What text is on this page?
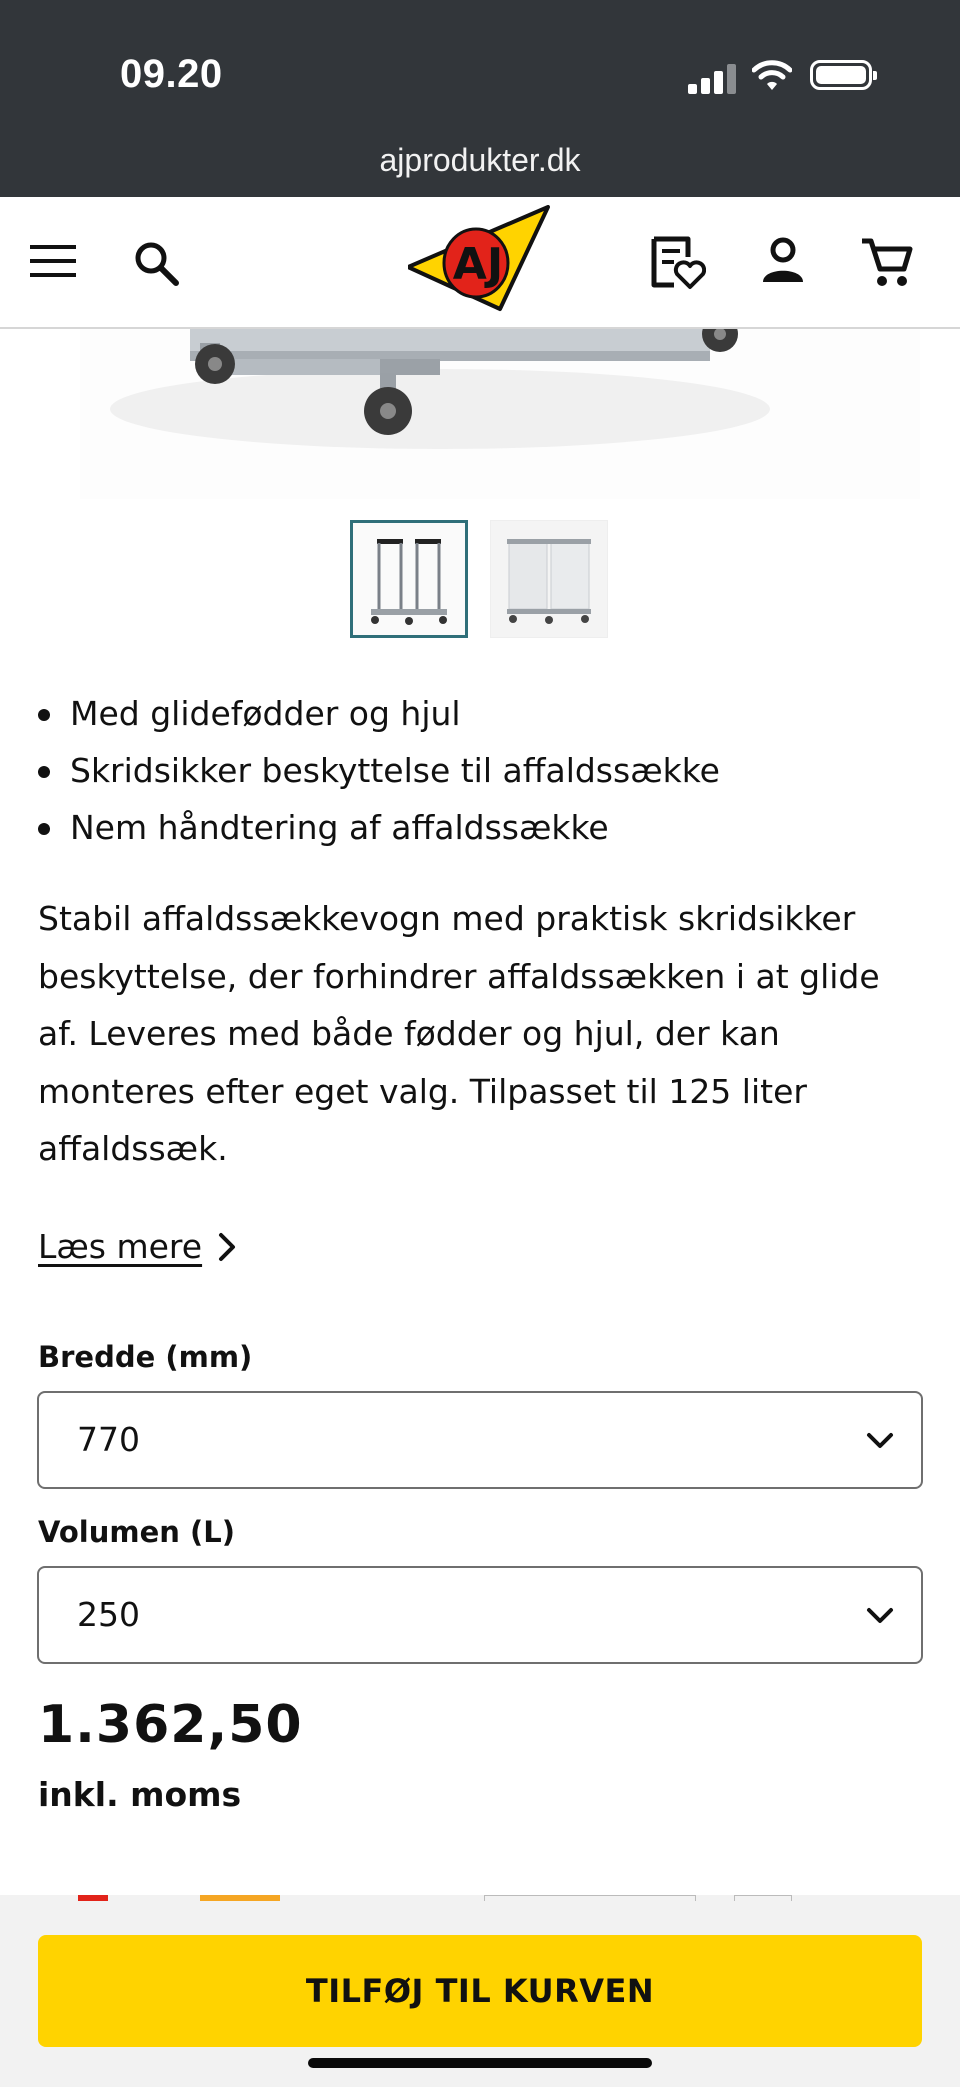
09.20
ajprodukter.dk
AJ
Med glidefødder og hjul
Skridsikker beskyttelse til affaldssække
Nem håndtering af affaldssække
Stabil affaldssækkevogn med praktisk skridsikker beskyttelse, der forhindrer affaldssækken i at glide af. Leveres med både fødder og hjul, der kan monteres efter eget valg. Tilpasset til 125 liter affaldssæk.
Læs mere
Bredde (mm)
770
Volumen (L)
250
1.362,50
inkl. moms
TILFØJ TIL KURVEN
